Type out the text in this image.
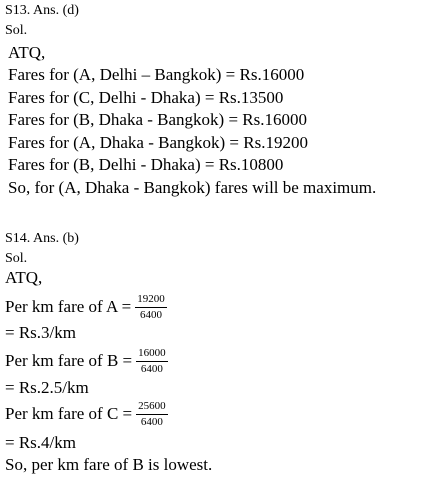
S13. Ans. (d)
Sol.
ATQ,
Fares for (A, Delhi – Bangkok) = Rs.16000
Fares for (C, Delhi - Dhaka) = Rs.13500
Fares for (B, Dhaka - Bangkok) = Rs.16000
Fares for (A, Dhaka - Bangkok) = Rs.19200
Fares for (B, Delhi - Dhaka) = Rs.10800
So, for (A, Dhaka - Bangkok) fares will be maximum.
S14. Ans. (b)
Sol.
ATQ,
Per km fare of $A = \frac{19200}{6400}$
= Rs.3/km
Per km fare of $B = \frac{16000}{6400}$
= Rs.2.5/km
Per km fare of $C = \frac{25600}{6400}$
= Rs.4/km
So, per km fare of B is lowest.
